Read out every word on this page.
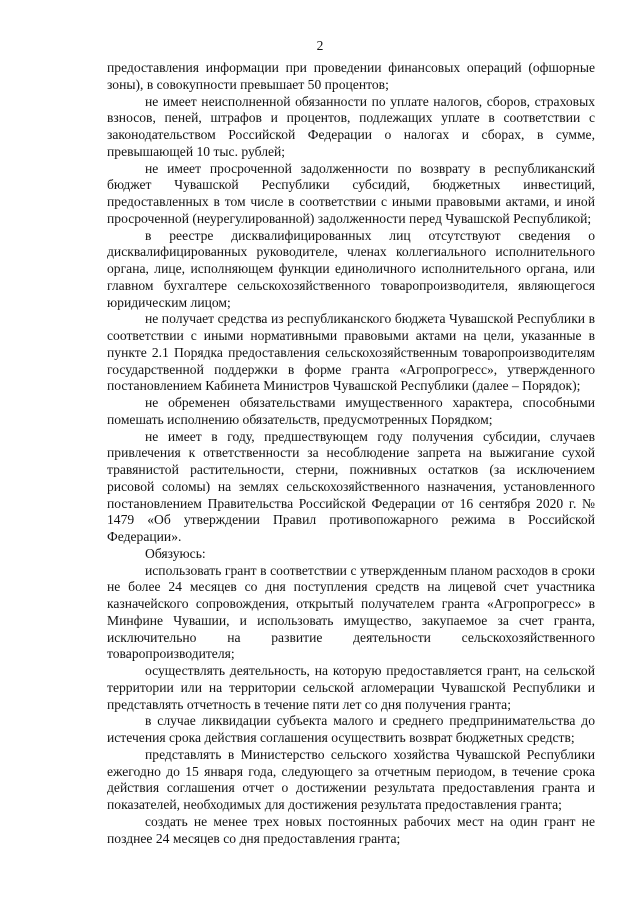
2

предоставления информации при проведении финансовых операций (офшорные зоны), в совокупности превышает 50 процентов;

не имеет неисполненной обязанности по уплате налогов, сборов, страховых взносов, пеней, штрафов и процентов, подлежащих уплате в соответствии с законодательством Российской Федерации о налогах и сборах, в сумме, превышающей 10 тыс. рублей;

не имеет просроченной задолженности по возврату в республиканский бюджет Чувашской Республики субсидий, бюджетных инвестиций, предоставленных в том числе в соответствии с иными правовыми актами, и иной просроченной (неурегулированной) задолженности перед Чувашской Республикой;

в реестре дисквалифицированных лиц отсутствуют сведения о дисквалифицированных руководителе, членах коллегиального исполнительного органа, лице, исполняющем функции единоличного исполнительного органа, или главном бухгалтере сельскохозяйственного товаропроизводителя, являющегося юридическим лицом;

не получает средства из республиканского бюджета Чувашской Республики в соответствии с иными нормативными правовыми актами на цели, указанные в пункте 2.1 Порядка предоставления сельскохозяйственным товаропроизводителям государственной поддержки в форме гранта «Агропрогресс», утвержденного постановлением Кабинета Министров Чувашской Республики (далее – Порядок);

не обременен обязательствами имущественного характера, способными помешать исполнению обязательств, предусмотренных Порядком;

не имеет в году, предшествующем году получения субсидии, случаев привлечения к ответственности за несоблюдение запрета на выжигание сухой травянистой растительности, стерни, пожнивных остатков (за исключением рисовой соломы) на землях сельскохозяйственного назначения, установленного постановлением Правительства Российской Федерации от 16 сентября 2020 г. № 1479 «Об утверждении Правил противопожарного режима в Российской Федерации».

Обязуюсь:

использовать грант в соответствии с утвержденным планом расходов в сроки не более 24 месяцев со дня поступления средств на лицевой счет участника казначейского сопровождения, открытый получателем гранта «Агропрогресс» в Минфине Чувашии, и использовать имущество, закупаемое за счет гранта, исключительно на развитие деятельности сельскохозяйственного товаропроизводителя;

осуществлять деятельность, на которую предоставляется грант, на сельской территории или на территории сельской агломерации Чувашской Республики и представлять отчетность в течение пяти лет со дня получения гранта;

в случае ликвидации субъекта малого и среднего предпринимательства до истечения срока действия соглашения осуществить возврат бюджетных средств;

представлять в Министерство сельского хозяйства Чувашской Республики ежегодно до 15 января года, следующего за отчетным периодом, в течение срока действия соглашения отчет о достижении результата предоставления гранта и показателей, необходимых для достижения результата предоставления гранта;

создать не менее трех новых постоянных рабочих мест на один грант не позднее 24 месяцев со дня предоставления гранта;
